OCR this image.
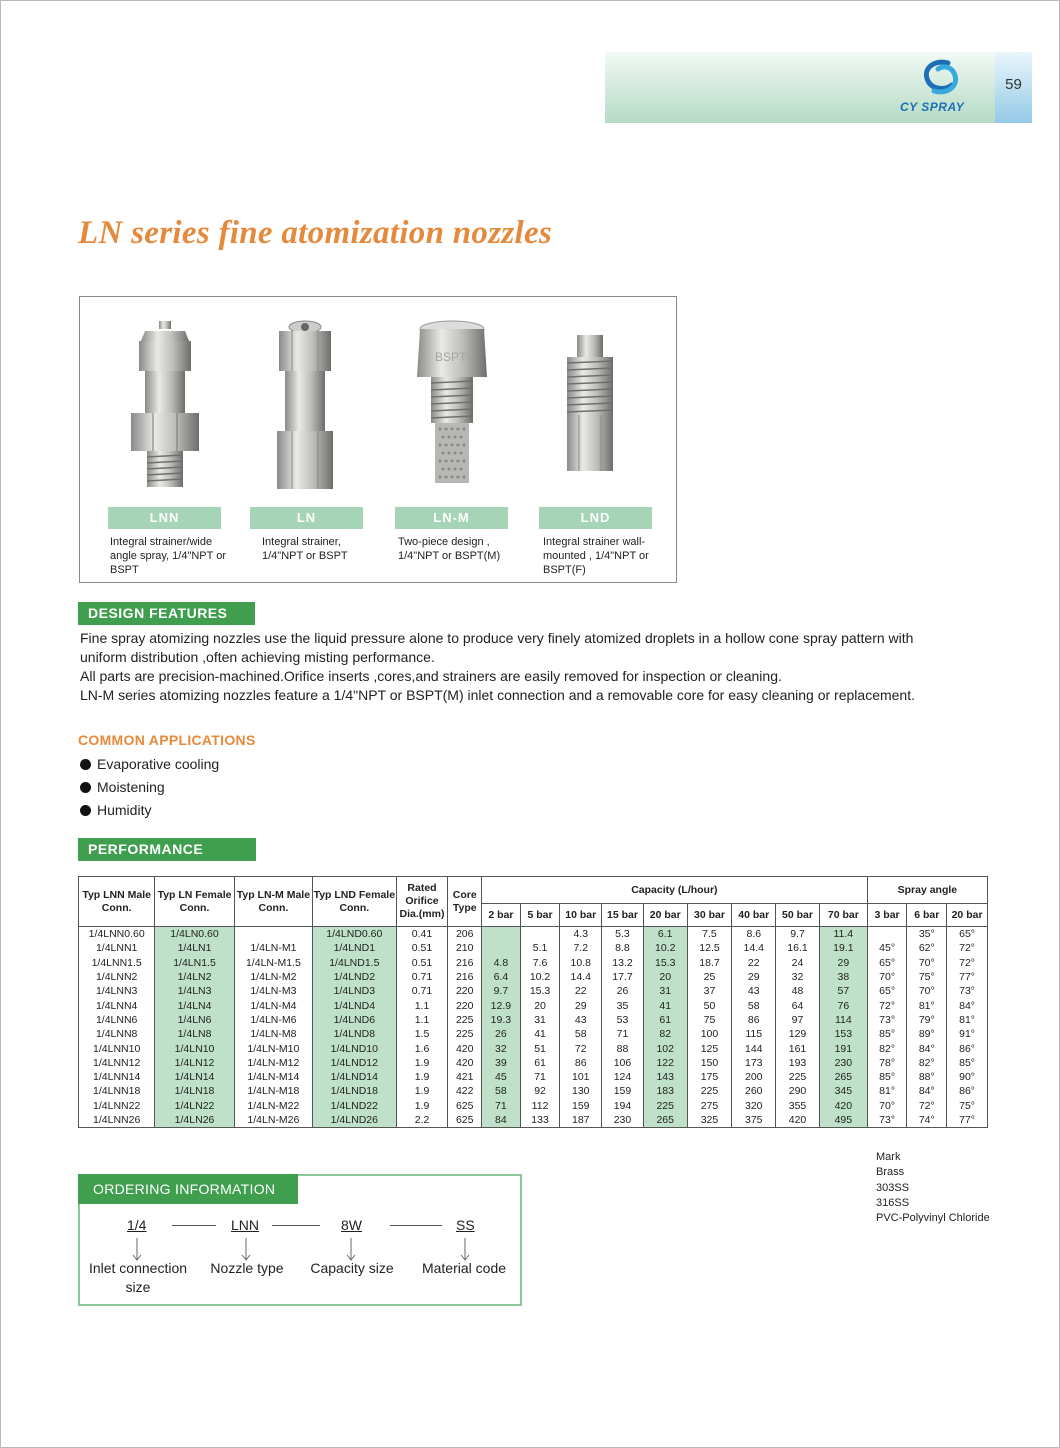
59
CY SPRAY
LN series fine atomization nozzles
BSPT
LNN
Integral strainer/wide angle spray, 1/4"NPT or BSPT
LN
Integral strainer, 1/4"NPT or BSPT
LN-M
Two-piece design , 1/4"NPT or BSPT(M)
LND
Integral strainer wall-mounted , 1/4"NPT or BSPT(F)
DESIGN FEATURES

Fine spray atomizing nozzles use the liquid pressure alone to produce very finely atomized droplets in a hollow cone spray pattern with uniform distribution ,often achieving misting performance.

All parts are precision-machined.Orifice inserts ,cores,and strainers are easily removed for inspection or cleaning.

LN-M series atomizing nozzles feature a 1/4"NPT or BSPT(M) inlet connection and a removable core for easy cleaning or replacement.

COMMON APPLICATIONS
Evaporative cooling
Moistening
Humidity
PERFORMANCE DATA
Typ LNN Male Conn.	Typ LN Female Conn.	Typ LN-M Male Conn.	Typ LND Female Conn.	Rated Orifice Dia.(mm)	Core Type	Capacity (L/hour)									Spray angle		
						2 bar	5 bar	10 bar	15 bar	20 bar	30 bar	40 bar	50 bar	70 bar	3 bar	6 bar	20 bar
1/4LNN0.60	1/4LN0.60		1/4LND0.60	0.41	206			4.3	5.3	6.1	7.5	8.6	9.7	11.4		35°	65°
1/4LNN1	1/4LN1	1/4LN-M1	1/4LND1	0.51	210		5.1	7.2	8.8	10.2	12.5	14.4	16.1	19.1	45°	62°	72°
1/4LNN1.5	1/4LN1.5	1/4LN-M1.5	1/4LND1.5	0.51	216	4.8	7.6	10.8	13.2	15.3	18.7	22	24	29	65°	70°	72°
1/4LNN2	1/4LN2	1/4LN-M2	1/4LND2	0.71	216	6.4	10.2	14.4	17.7	20	25	29	32	38	70°	75°	77°
1/4LNN3	1/4LN3	1/4LN-M3	1/4LND3	0.71	220	9.7	15.3	22	26	31	37	43	48	57	65°	70°	73°
1/4LNN4	1/4LN4	1/4LN-M4	1/4LND4	1.1	220	12.9	20	29	35	41	50	58	64	76	72°	81°	84°
1/4LNN6	1/4LN6	1/4LN-M6	1/4LND6	1.1	225	19.3	31	43	53	61	75	86	97	114	73°	79°	81°
1/4LNN8	1/4LN8	1/4LN-M8	1/4LND8	1.5	225	26	41	58	71	82	100	115	129	153	85°	89°	91°
1/4LNN10	1/4LN10	1/4LN-M10	1/4LND10	1.6	420	32	51	72	88	102	125	144	161	191	82°	84°	86°
1/4LNN12	1/4LN12	1/4LN-M12	1/4LND12	1.9	420	39	61	86	106	122	150	173	193	230	78°	82°	85°
1/4LNN14	1/4LN14	1/4LN-M14	1/4LND14	1.9	421	45	71	101	124	143	175	200	225	265	85°	88°	90°
1/4LNN18	1/4LN18	1/4LN-M18	1/4LND18	1.9	422	58	92	130	159	183	225	260	290	345	81°	84°	86°
1/4LNN22	1/4LN22	1/4LN-M22	1/4LND22	1.9	625	71	112	159	194	225	275	320	355	420	70°	72°	75°
1/4LNN26	1/4LN26	1/4LN-M26	1/4LND26	2.2	625	84	133	187	230	265	325	375	420	495	73°	74°	77°
Mark
Brass
303SS
316SS
PVC-Polyvinyl Chloride
ORDERING INFORMATION
1/4	LNN	8W	SS
Inlet connection size
Nozzle type	Capacity size	Material code
